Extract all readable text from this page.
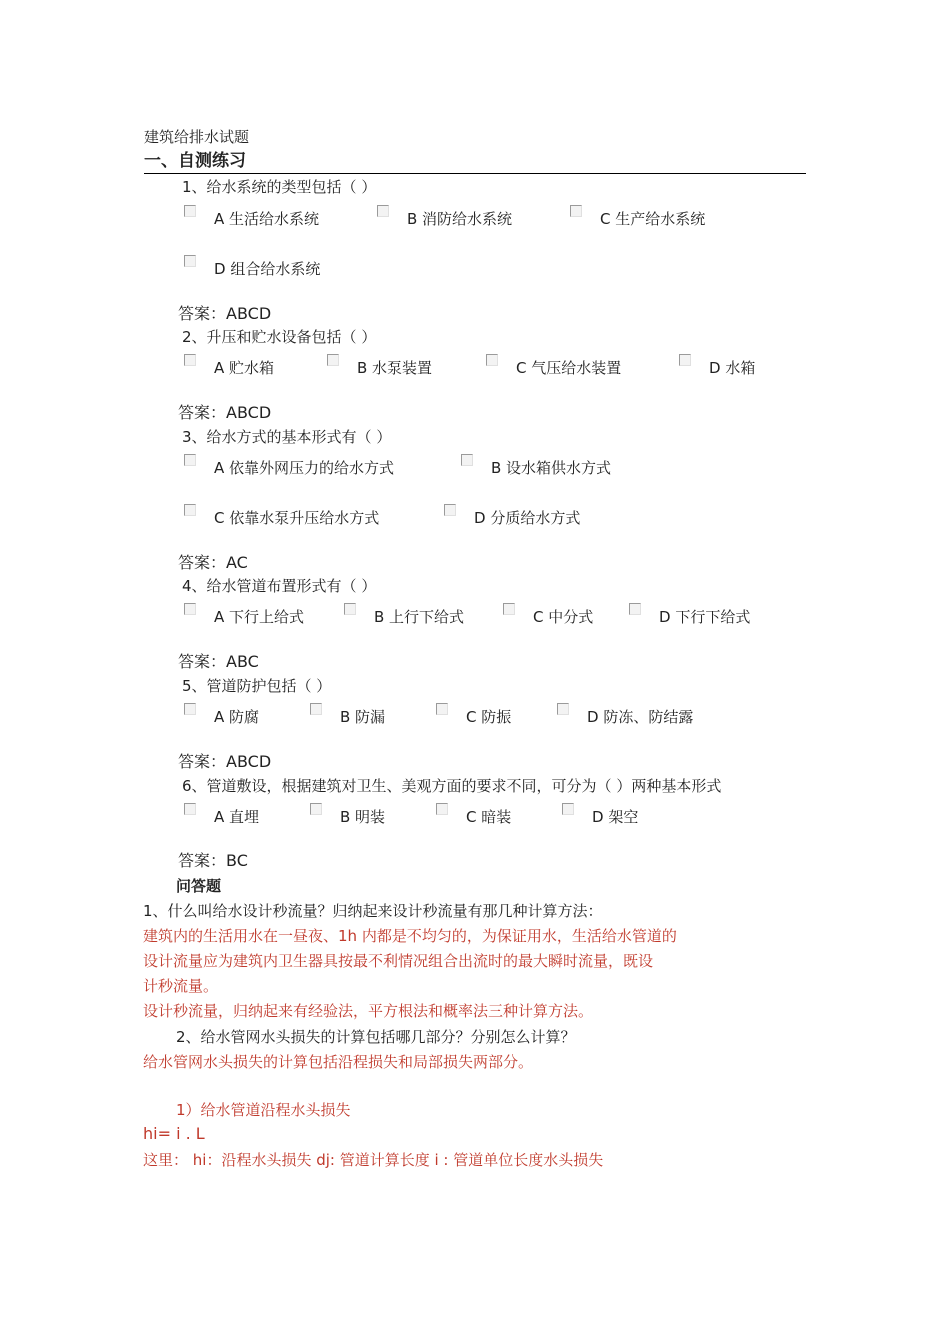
建筑给排水试题
一、自测练习
1、给水系统的类型包括（ ）
A 生活给水系统	B 消防给水系统	C 生产给水系统
D 组合给水系统
答案：ABCD
2、升压和贮水设备包括（ ）
A 贮水箱	B 水泵装置	C 气压给水装置	D 水箱
答案：ABCD
3、给水方式的基本形式有（ ）
A 依靠外网压力的给水方式	B 设水箱供水方式
C 依靠水泵升压给水方式	D 分质给水方式
答案：AC
4、给水管道布置形式有（ ）
A 下行上给式	B 上行下给式	C 中分式	D 下行下给式
答案：ABC
5、管道防护包括（ ）
A 防腐	B 防漏	C 防振	D 防冻、防结露
答案：ABCD
6、管道敷设，根据建筑对卫生、美观方面的要求不同，可分为（ ）两种基本形式
A 直埋	B 明装	C 暗装	D 架空
答案：BC
问答题
1、什么叫给水设计秒流量？归纳起来设计秒流量有那几种计算方法：
建筑内的生活用水在一昼夜、1h 内都是不均匀的，为保证用水，生活给水管道的
设计流量应为建筑内卫生器具按最不利情况组合出流时的最大瞬时流量，既设
计秒流量。
设计秒流量，归纳起来有经验法，平方根法和概率法三种计算方法。
2、给水管网水头损失的计算包括哪几部分？分别怎么计算？
给水管网水头损失的计算包括沿程损失和局部损失两部分。
1）给水管道沿程水头损失
hi= i . L
这里： hi：沿程水头损失 dj: 管道计算长度 i : 管道单位长度水头损失
